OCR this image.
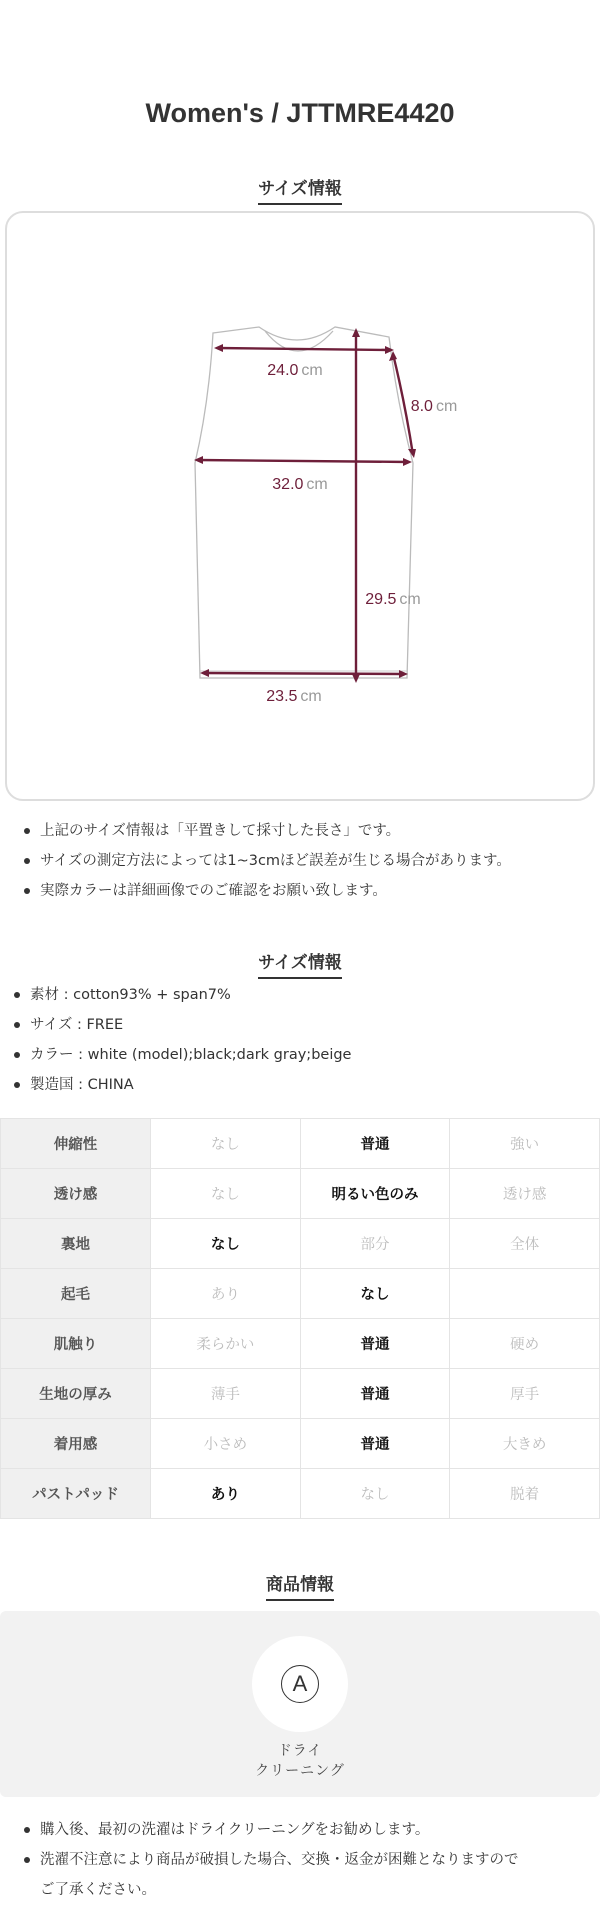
Women's / JTTMRE4420
サイズ情報
24.0 cm
8.0 cm
32.0 cm
29.5 cm
23.5 cm
上記のサイズ情報は「平置きして採寸した長さ」です。
サイズの測定方法によっては1~3cmほど誤差が生じる場合があります。
実際カラーは詳細画像でのご確認をお願い致します。
サイズ情報
素材 : cotton93% + span7%
サイズ : FREE
カラー : white (model);black;dark gray;beige
製造国 : CHINA
伸縮性	なし	普通	強い
透け感	なし	明るい色のみ	透け感
裏地	なし	部分	全体
起毛	あり	なし	
肌触り	柔らかい	普通	硬め
生地の厚み	薄手	普通	厚手
着用感	小さめ	普通	大きめ
パストパッド	あり	なし	脱着
商品情報
A
ドライ
クリーニング
購入後、最初の洗濯はドライクリーニングをお勧めします。
洗濯不注意により商品が破損した場合、交換・返金が困難となりますので
ご了承ください。
